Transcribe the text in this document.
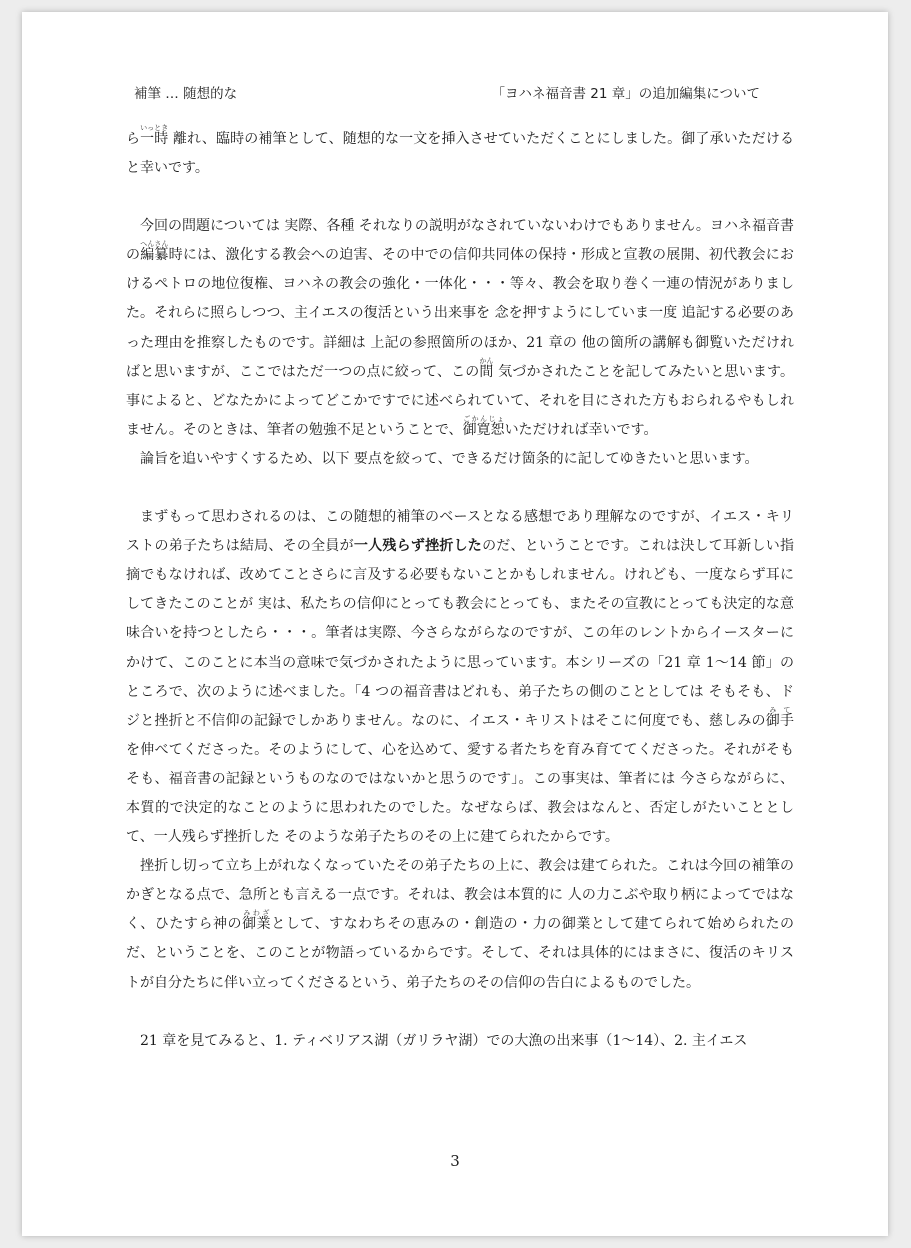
補筆 … 随想的な	「ヨハネ福音書 21 章」の追加編集について

ら一時いっとき 離れ、臨時の補筆として、随想的な一文を挿入させていただくことにしました。御了承いただけると幸いです。

今回の問題については 実際、各種 それなりの説明がなされていないわけでもありません。ヨハネ福音書の編纂へんさん時には、激化する教会への迫害、その中での信仰共同体の保持・形成と宣教の展開、初代教会におけるペトロの地位復権、ヨハネの教会の強化・一体化・・・等々、教会を取り巻く一連の情況がありました。それらに照らしつつ、主イエスの復活という出来事を 念を押すようにしていま一度 追記する必要のあった理由を推察したものです。詳細は 上記の参照箇所のほか、21 章の 他の箇所の講解も御覧いただければと思いますが、ここではただ一つの点に絞って、この間かん 気づかされたことを記してみたいと思います。事によると、どなたかによってどこかですでに述べられていて、それを目にされた方もおられるやもしれません。そのときは、筆者の勉強不足ということで、御寛恕ごかんじょいただければ幸いです。

論旨を追いやすくするため、以下 要点を絞って、できるだけ箇条的に記してゆきたいと思います。

まずもって思わされるのは、この随想的補筆のベースとなる感想であり理解なのですが、イエス・キリストの弟子たちは結局、その全員が一人残らず挫折したのだ、ということです。これは決して耳新しい指摘でもなければ、改めてことさらに言及する必要もないことかもしれません。けれども、一度ならず耳にしてきたこのことが 実は、私たちの信仰にとっても教会にとっても、またその宣教にとっても決定的な意味合いを持つとしたら・・・。筆者は実際、今さらながらなのですが、この年のレントからイースターにかけて、このことに本当の意味で気づかされたように思っています。本シリーズの「21 章 1〜14 節」のところで、次のように述べました。「4 つの福音書はどれも、弟子たちの側のこととしては そもそも、ドジと挫折と不信仰の記録でしかありません。なのに、イエス・キリストはそこに何度でも、慈しみの御手みてを伸べてくださった。そのようにして、心を込めて、愛する者たちを育み育ててくださった。それがそもそも、福音書の記録というものなのではないかと思うのです」。この事実は、筆者には 今さらながらに、本質的で決定的なことのように思われたのでした。なぜならば、教会はなんと、否定しがたいこととして、一人残らず挫折した そのような弟子たちのその上に建てられたからです。

挫折し切って立ち上がれなくなっていたその弟子たちの上に、教会は建てられた。これは今回の補筆のかぎとなる点で、急所とも言える一点です。それは、教会は本質的に 人の力こぶや取り柄によってではなく、ひたすら神の御業みわざとして、すなわちその恵みの・創造の・力の御業として建てられて始められたのだ、ということを、このことが物語っているからです。そして、それは具体的にはまさに、復活のキリストが自分たちに伴い立ってくださるという、弟子たちのその信仰の告白によるものでした。

21 章を見てみると、1. ティベリアス湖（ガリラヤ湖）での大漁の出来事（1〜14）、2. 主イエス

3
